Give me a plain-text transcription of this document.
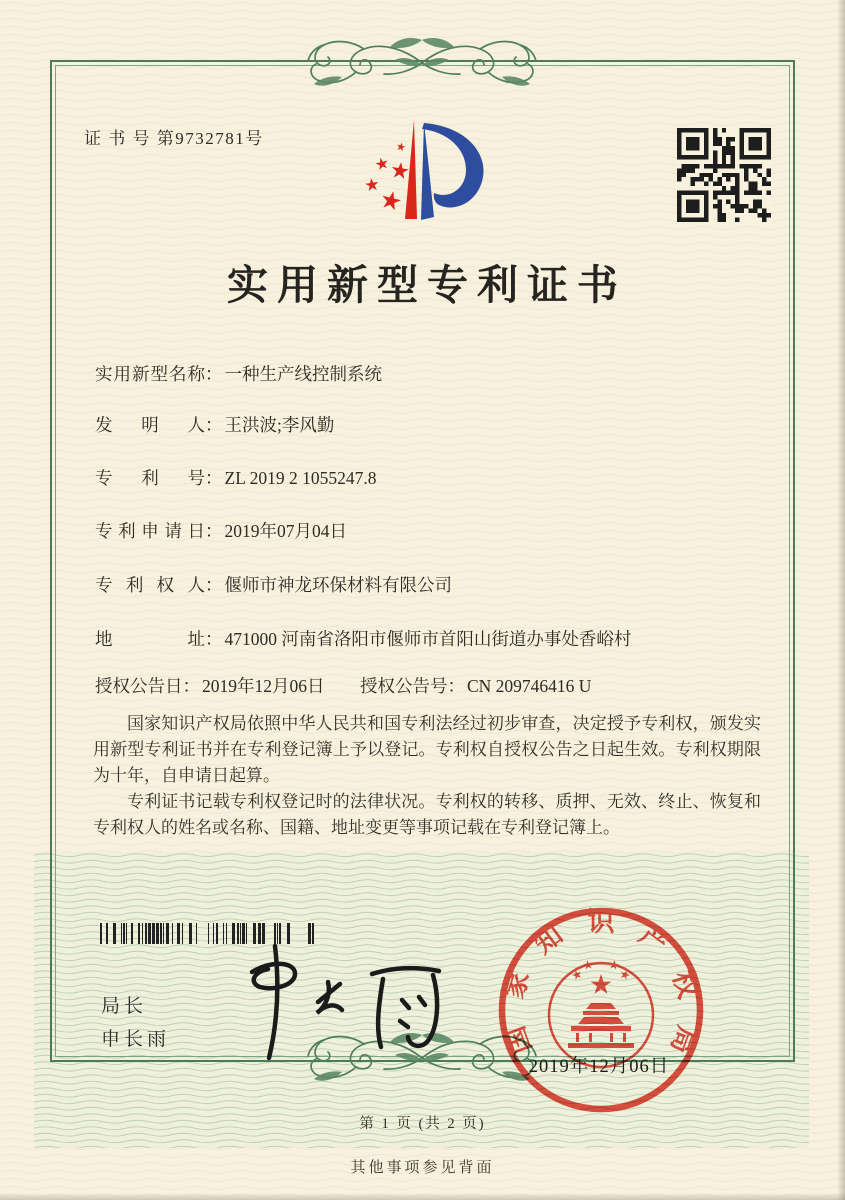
证 书 号 第9732781号
实用新型专利证书
实用新型名称： 一种生产线控制系统
发明人： 王洪波;李风勤
专利号： ZL 2019 2 1055247.8
专利申请日： 2019年07月04日
专利权人： 偃师市神龙环保材料有限公司
地址： 471000 河南省洛阳市偃师市首阳山街道办事处香峪村
授权公告日： 2019年12月06日 授权公告号： CN 209746416 U

国家知识产权局依照中华人民共和国专利法经过初步审查，决定授予专利权，颁发实用新型专利证书并在专利登记簿上予以登记。专利权自授权公告之日起生效。专利权期限为十年，自申请日起算。

专利证书记载专利权登记时的法律状况。专利权的转移、质押、无效、终止、恢复和专利权人的姓名或名称、国籍、地址变更等事项记载在专利登记簿上。

局长
申长雨	国
家
知 识 产
权
局
2019年12月06日
第 1 页 (共 2 页)
其他事项参见背面
